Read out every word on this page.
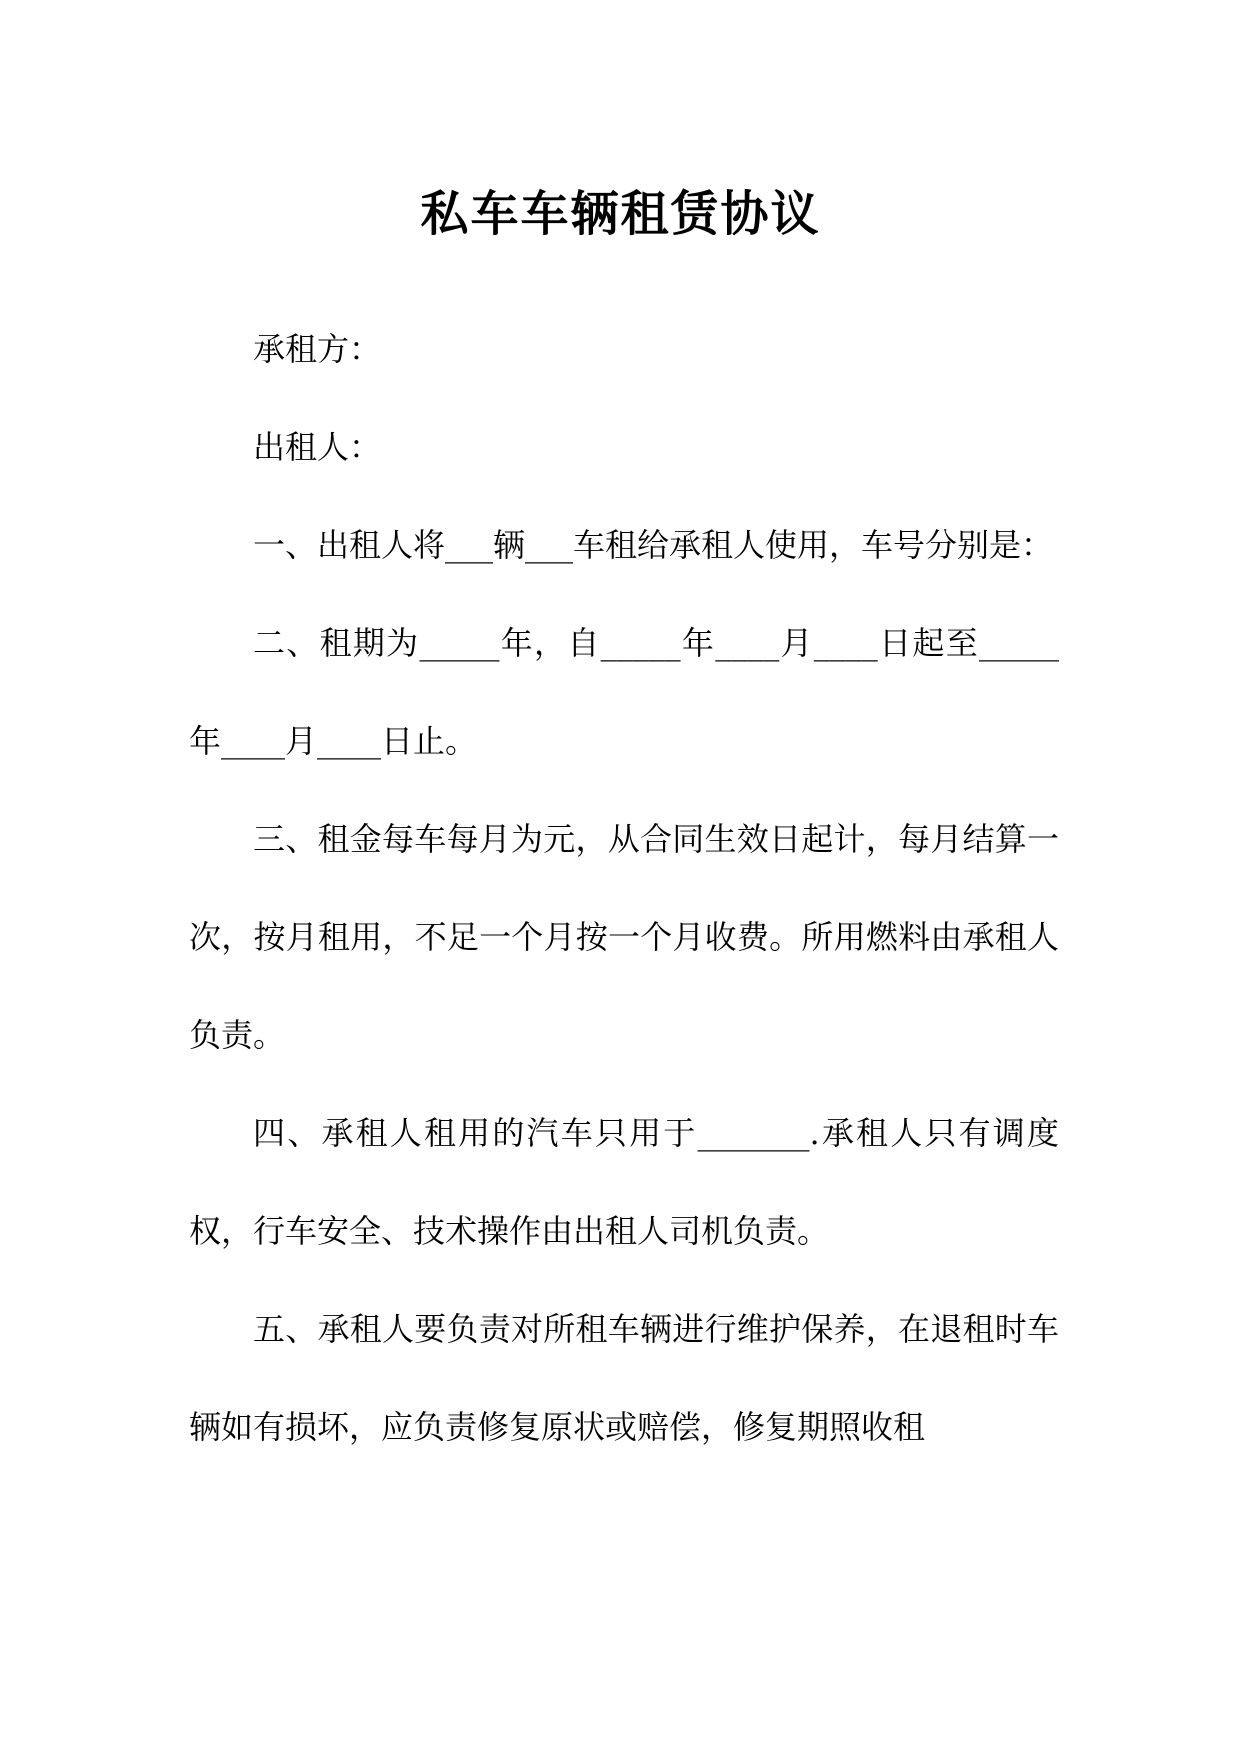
私车车辆租赁协议

承租方：

出租人：

一、出租人将___辆___车租给承租人使用，车号分别是：

二、租期为_____年，自_____年____月____日起至_____年____月____日止。

三、租金每车每月为元，从合同生效日起计，每月结算一次，按月租用，不足一个月按一个月收费。所用燃料由承租人负责。

四、承租人租用的汽车只用于_______.承租人只有调度权，行车安全、技术操作由出租人司机负责。

五、承租人要负责对所租车辆进行维护保养，在退租时车辆如有损坏，应负责修复原状或赔偿，修复期照收租
